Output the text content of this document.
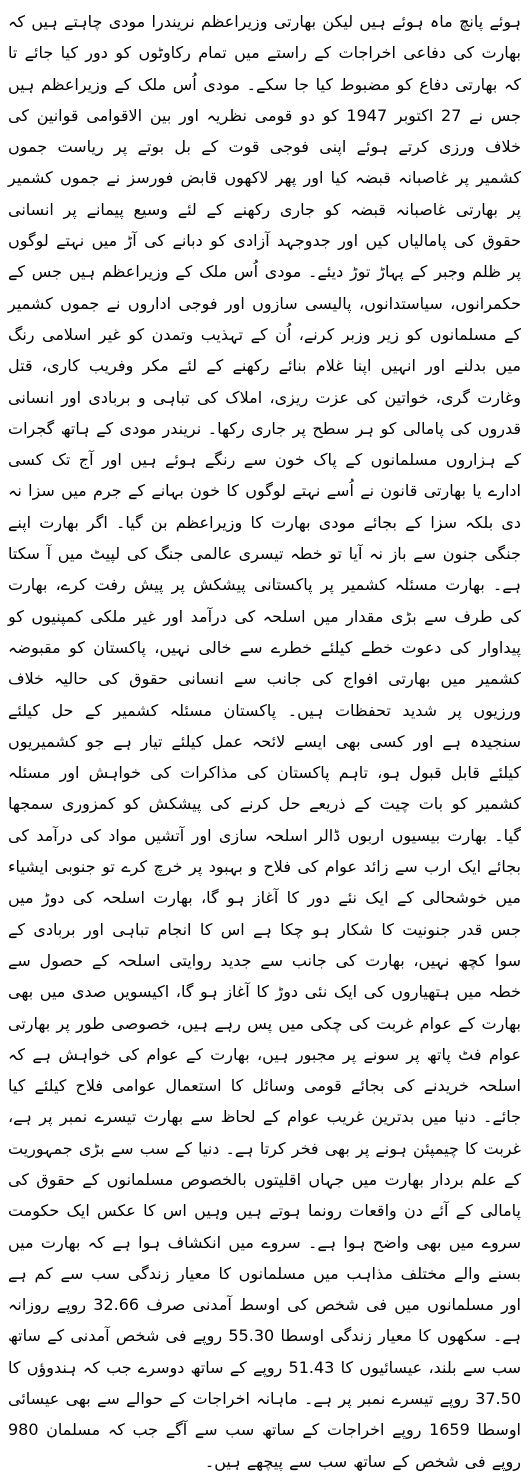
ہوئے پانچ ماہ ہوئے ہیں لیکن بھارتی وزیراعظم نریندرا مودی چاہتے ہیں کہ بھارت کی دفاعی اخراجات کے راستے میں تمام رکاوٹوں کو دور کیا جائے تا کہ بھارتی دفاع کو مضبوط کیا جا سکے۔ مودی اُس ملک کے وزیراعظم ہیں جس نے 27 اکتوبر 1947 کو دو قومی نظریہ اور بین الاقوامی قوانین کی خلاف ورزی کرتے ہوئے اپنی فوجی قوت کے بل بوتے پر ریاست جموں کشمیر پر غاصبانہ قبضہ کیا اور پھر لاکھوں قابض فورسز نے جموں کشمیر پر بھارتی غاصبانہ قبضہ کو جاری رکھنے کے لئے وسیع پیمانے پر انسانی حقوق کی پامالیاں کیں اور جدوجہد آزادی کو دبانے کی آڑ میں نہتے لوگوں پر ظلم وجبر کے پہاڑ توڑ دیئے۔ مودی اُس ملک کے وزیراعظم ہیں جس کے حکمرانوں، سیاستدانوں، پالیسی سازوں اور فوجی اداروں نے جموں کشمیر کے مسلمانوں کو زیر وزبر کرنے، اُن کے تہذیب وتمدن کو غیر اسلامی رنگ میں بدلنے اور انہیں اپنا غلام بنائے رکھنے کے لئے مکر وفریب کاری، قتل وغارت گری، خواتین کی عزت ریزی، املاک کی تباہی و بربادی اور انسانی قدروں کی پامالی کو ہر سطح پر جاری رکھا۔ نریندر مودی کے ہاتھ گجرات کے ہزاروں مسلمانوں کے پاک خون سے رنگے ہوئے ہیں اور آج تک کسی ادارے یا بھارتی قانون نے اُسے نہتے لوگوں کا خون بہانے کے جرم میں سزا نہ دی بلکہ سزا کے بجائے مودی بھارت کا وزیراعظم بن گیا۔ اگر بھارت اپنے جنگی جنون سے باز نہ آیا تو خطہ تیسری عالمی جنگ کی لپیٹ میں آ سکتا ہے۔ بھارت مسئلہ کشمیر پر پاکستانی پیشکش پر پیش رفت کرے، بھارت کی طرف سے بڑی مقدار میں اسلحہ کی درآمد اور غیر ملکی کمپنیوں کو پیداوار کی دعوت خطے کیلئے خطرے سے خالی نہیں، پاکستان کو مقبوضہ کشمیر میں بھارتی افواج کی جانب سے انسانی حقوق کی حالیہ خلاف ورزیوں پر شدید تحفظات ہیں۔ پاکستان مسئلہ کشمیر کے حل کیلئے سنجیدہ ہے اور کسی بھی ایسے لائحہ عمل کیلئے تیار ہے جو کشمیریوں کیلئے قابل قبول ہو، تاہم پاکستان کی مذاکرات کی خواہش اور مسئلہ کشمیر کو بات چیت کے ذریعے حل کرنے کی پیشکش کو کمزوری سمجھا گیا۔ بھارت بیسیوں اربوں ڈالر اسلحہ سازی اور آتشیں مواد کی درآمد کی بجائے ایک ارب سے زائد عوام کی فلاح و بہبود پر خرچ کرے تو جنوبی ایشیاء میں خوشحالی کے ایک نئے دور کا آغاز ہو گا، بھارت اسلحہ کی دوڑ میں جس قدر جنونیت کا شکار ہو چکا ہے اس کا انجام تباہی اور بربادی کے سوا کچھ نہیں، بھارت کی جانب سے جدید روایتی اسلحہ کے حصول سے خطہ میں ہتھیاروں کی ایک نئی دوڑ کا آغاز ہو گا، اکیسویں صدی میں بھی بھارت کے عوام غربت کی چکی میں پس رہے ہیں، خصوصی طور پر بھارتی عوام فٹ پاتھ پر سونے پر مجبور ہیں، بھارت کے عوام کی خواہش ہے کہ اسلحہ خریدنے کی بجائے قومی وسائل کا استعمال عوامی فلاح کیلئے کیا جائے۔ دنیا میں بدترین غریب عوام کے لحاظ سے بھارت تیسرے نمبر پر ہے، غربت کا چیمپئن ہونے پر بھی فخر کرتا ہے۔ دنیا کے سب سے بڑی جمہوریت کے علم بردار بھارت میں جہاں اقلیتوں بالخصوص مسلمانوں کے حقوق کی پامالی کے آئے دن واقعات رونما ہوتے ہیں وہیں اس کا عکس ایک حکومت سروے میں بھی واضح ہوا ہے۔ سروے میں انکشاف ہوا ہے کہ بھارت میں بسنے والے مختلف مذاہب میں مسلمانوں کا معیار زندگی سب سے کم ہے اور مسلمانوں میں فی شخص کی اوسط آمدنی صرف 32.66 روپے روزانہ ہے۔ سکھوں کا معیار زندگی اوسطا 55.30 روپے فی شخص آمدنی کے ساتھ سب سے بلند، عیسائیوں کا 51.43 روپے کے ساتھ دوسرے جب کہ ہندوؤں کا 37.50 روپے تیسرے نمبر پر ہے۔ ماہانہ اخراجات کے حوالے سے بھی عیسائی اوسطا 1659 روپے اخراجات کے ساتھ سب سے آگے جب کہ مسلمان 980 روپے فی شخص کے ساتھ سب سے پیچھے ہیں۔
